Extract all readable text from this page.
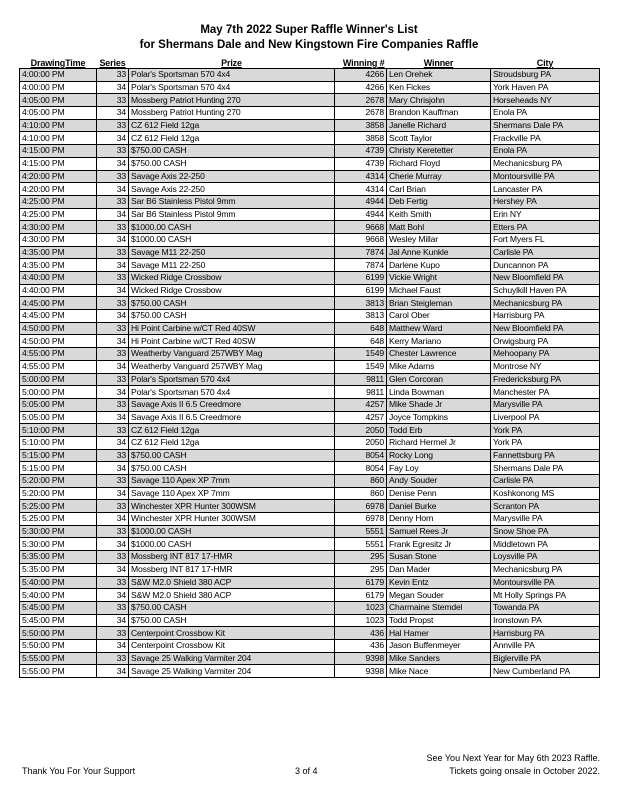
May 7th 2022 Super Raffle Winner's List
for Shermans Dale and New Kingstown Fire Companies Raffle
DrawingTime	Series	Prize	Winning #	Winner	City
4:00:00 PM	33	Polar's Sportsman 570 4x4	4266	Len Orehek	Stroudsburg PA
4:00:00 PM	34	Polar's Sportsman 570 4x4	4266	Ken Fickes	York Haven PA
4:05:00 PM	33	Mossberg Patriot Hunting 270	2678	Mary Chrisjohn	Horseheads NY
4:05:00 PM	34	Mossberg Patriot Hunting 270	2678	Brandon Kauffman	Enola PA
4:10:00 PM	33	CZ 612 Field 12ga	3858	Janelle Richard	Shermans Dale PA
4:10:00 PM	34	CZ 612 Field 12ga	3858	Scott Taylor	Frackville PA
4:15:00 PM	33	$750.00 CASH	4739	Christy Keretetter	Enola PA
4:15:00 PM	34	$750.00 CASH	4739	Richard Floyd	Mechanicsburg PA
4:20:00 PM	33	Savage Axis 22-250	4314	Cherie Murray	Montoursville PA
4:20:00 PM	34	Savage Axis 22-250	4314	Carl Brian	Lancaster PA
4:25:00 PM	33	Sar B6 Stainless Pistol 9mm	4944	Deb Fertig	Hershey PA
4:25:00 PM	34	Sar B6 Stainless Pistol 9mm	4944	Keith Smith	Erin NY
4:30:00 PM	33	$1000.00 CASH	9668	Matt Bohl	Etters PA
4:30:00 PM	34	$1000.00 CASH	9668	Wesley Millar	Fort Myers FL
4:35:00 PM	33	Savage M11 22-250	7874	Jal Anne Kunkle	Carlisle PA
4:35:00 PM	34	Savage M11 22-250	7874	Darlene Kupo	Duncannon PA
4:40:00 PM	33	Wicked Ridge Crossbow	6199	Vickie Wright	New Bloomfield PA
4:40:00 PM	34	Wicked Ridge Crossbow	6199	Michael Faust	Schuylkill Haven PA
4:45:00 PM	33	$750.00 CASH	3813	Brian Steigleman	Mechanicsburg PA
4:45:00 PM	34	$750.00 CASH	3813	Carol Ober	Harrisburg PA
4:50:00 PM	33	Hi Point Carbine w/CT Red 40SW	648	Matthew Ward	New Bloomfield PA
4:50:00 PM	34	Hi Point Carbine w/CT Red 40SW	648	Kerry Mariano	Orwigsburg PA
4:55:00 PM	33	Weatherby Vanguard 257WBY Mag	1549	Chester Lawrence	Mehoopany PA
4:55:00 PM	34	Weatherby Vanguard 257WBY Mag	1549	Mike Adams	Montrose NY
5:00:00 PM	33	Polar's Sportsman 570 4x4	9811	Glen Corcoran	Fredericksburg PA
5:00:00 PM	34	Polar's Sportsman 570 4x4	9811	Linda Bowman	Manchester PA
5:05:00 PM	33	Savage Axis II 6.5 Creedmore	4257	Mike Shade Jr	Marysville PA
5:05:00 PM	34	Savage Axis II 6.5 Creedmore	4257	Joyce Tompkins	Liverpool PA
5:10:00 PM	33	CZ 612 Field 12ga	2050	Todd Erb	York PA
5:10:00 PM	34	CZ 612 Field 12ga	2050	Richard Hermel Jr	York PA
5:15:00 PM	33	$750.00 CASH	8054	Rocky Long	Fannettsburg PA
5:15:00 PM	34	$750.00 CASH	8054	Fay Loy	Shermans Dale PA
5:20:00 PM	33	Savage 110 Apex XP 7mm	860	Andy Souder	Carlisle PA
5:20:00 PM	34	Savage 110 Apex XP 7mm	860	Denise Penn	Koshkonong MS
5:25:00 PM	33	Winchester XPR Hunter 300WSM	6978	Daniel Burke	Scranton PA
5:25:00 PM	34	Winchester XPR Hunter 300WSM	6978	Denny Horn	Marysville PA
5:30:00 PM	33	$1000.00 CASH	5551	Samuel Rees Jr	Snow Shoe PA
5:30:00 PM	34	$1000.00 CASH	5551	Frank Egresitz Jr	Middletown PA
5:35:00 PM	33	Mossberg INT 817 17-HMR	295	Susan Stone	Loysville PA
5:35:00 PM	34	Mossberg INT 817 17-HMR	295	Dan Mader	Mechanicsburg PA
5:40:00 PM	33	S&W M2.0 Shield 380 ACP	6179	Kevin Entz	Montoursville PA
5:40:00 PM	34	S&W M2.0 Shield 380 ACP	6179	Megan Souder	Mt Holly Springs PA
5:45:00 PM	33	$750.00 CASH	1023	Charmaine Stemdel	Towanda PA
5:45:00 PM	34	$750.00 CASH	1023	Todd Propst	Ironstown PA
5:50:00 PM	33	Centerpoint Crossbow Kit	436	Hal Hamer	Harrisburg PA
5:50:00 PM	34	Centerpoint Crossbow Kit	436	Jason Buffenmeyer	Annville PA
5:55:00 PM	33	Savage 25 Walking Varmiter 204	9398	Mike Sanders	Biglerville PA
5:55:00 PM	34	Savage 25 Walking Varmiter 204	9398	Mike Nace	New Cumberland PA
Thank You For Your Support	3 of 4
See You Next Year for May 6th 2023 Raffle.
Tickets going onsale in October 2022.
